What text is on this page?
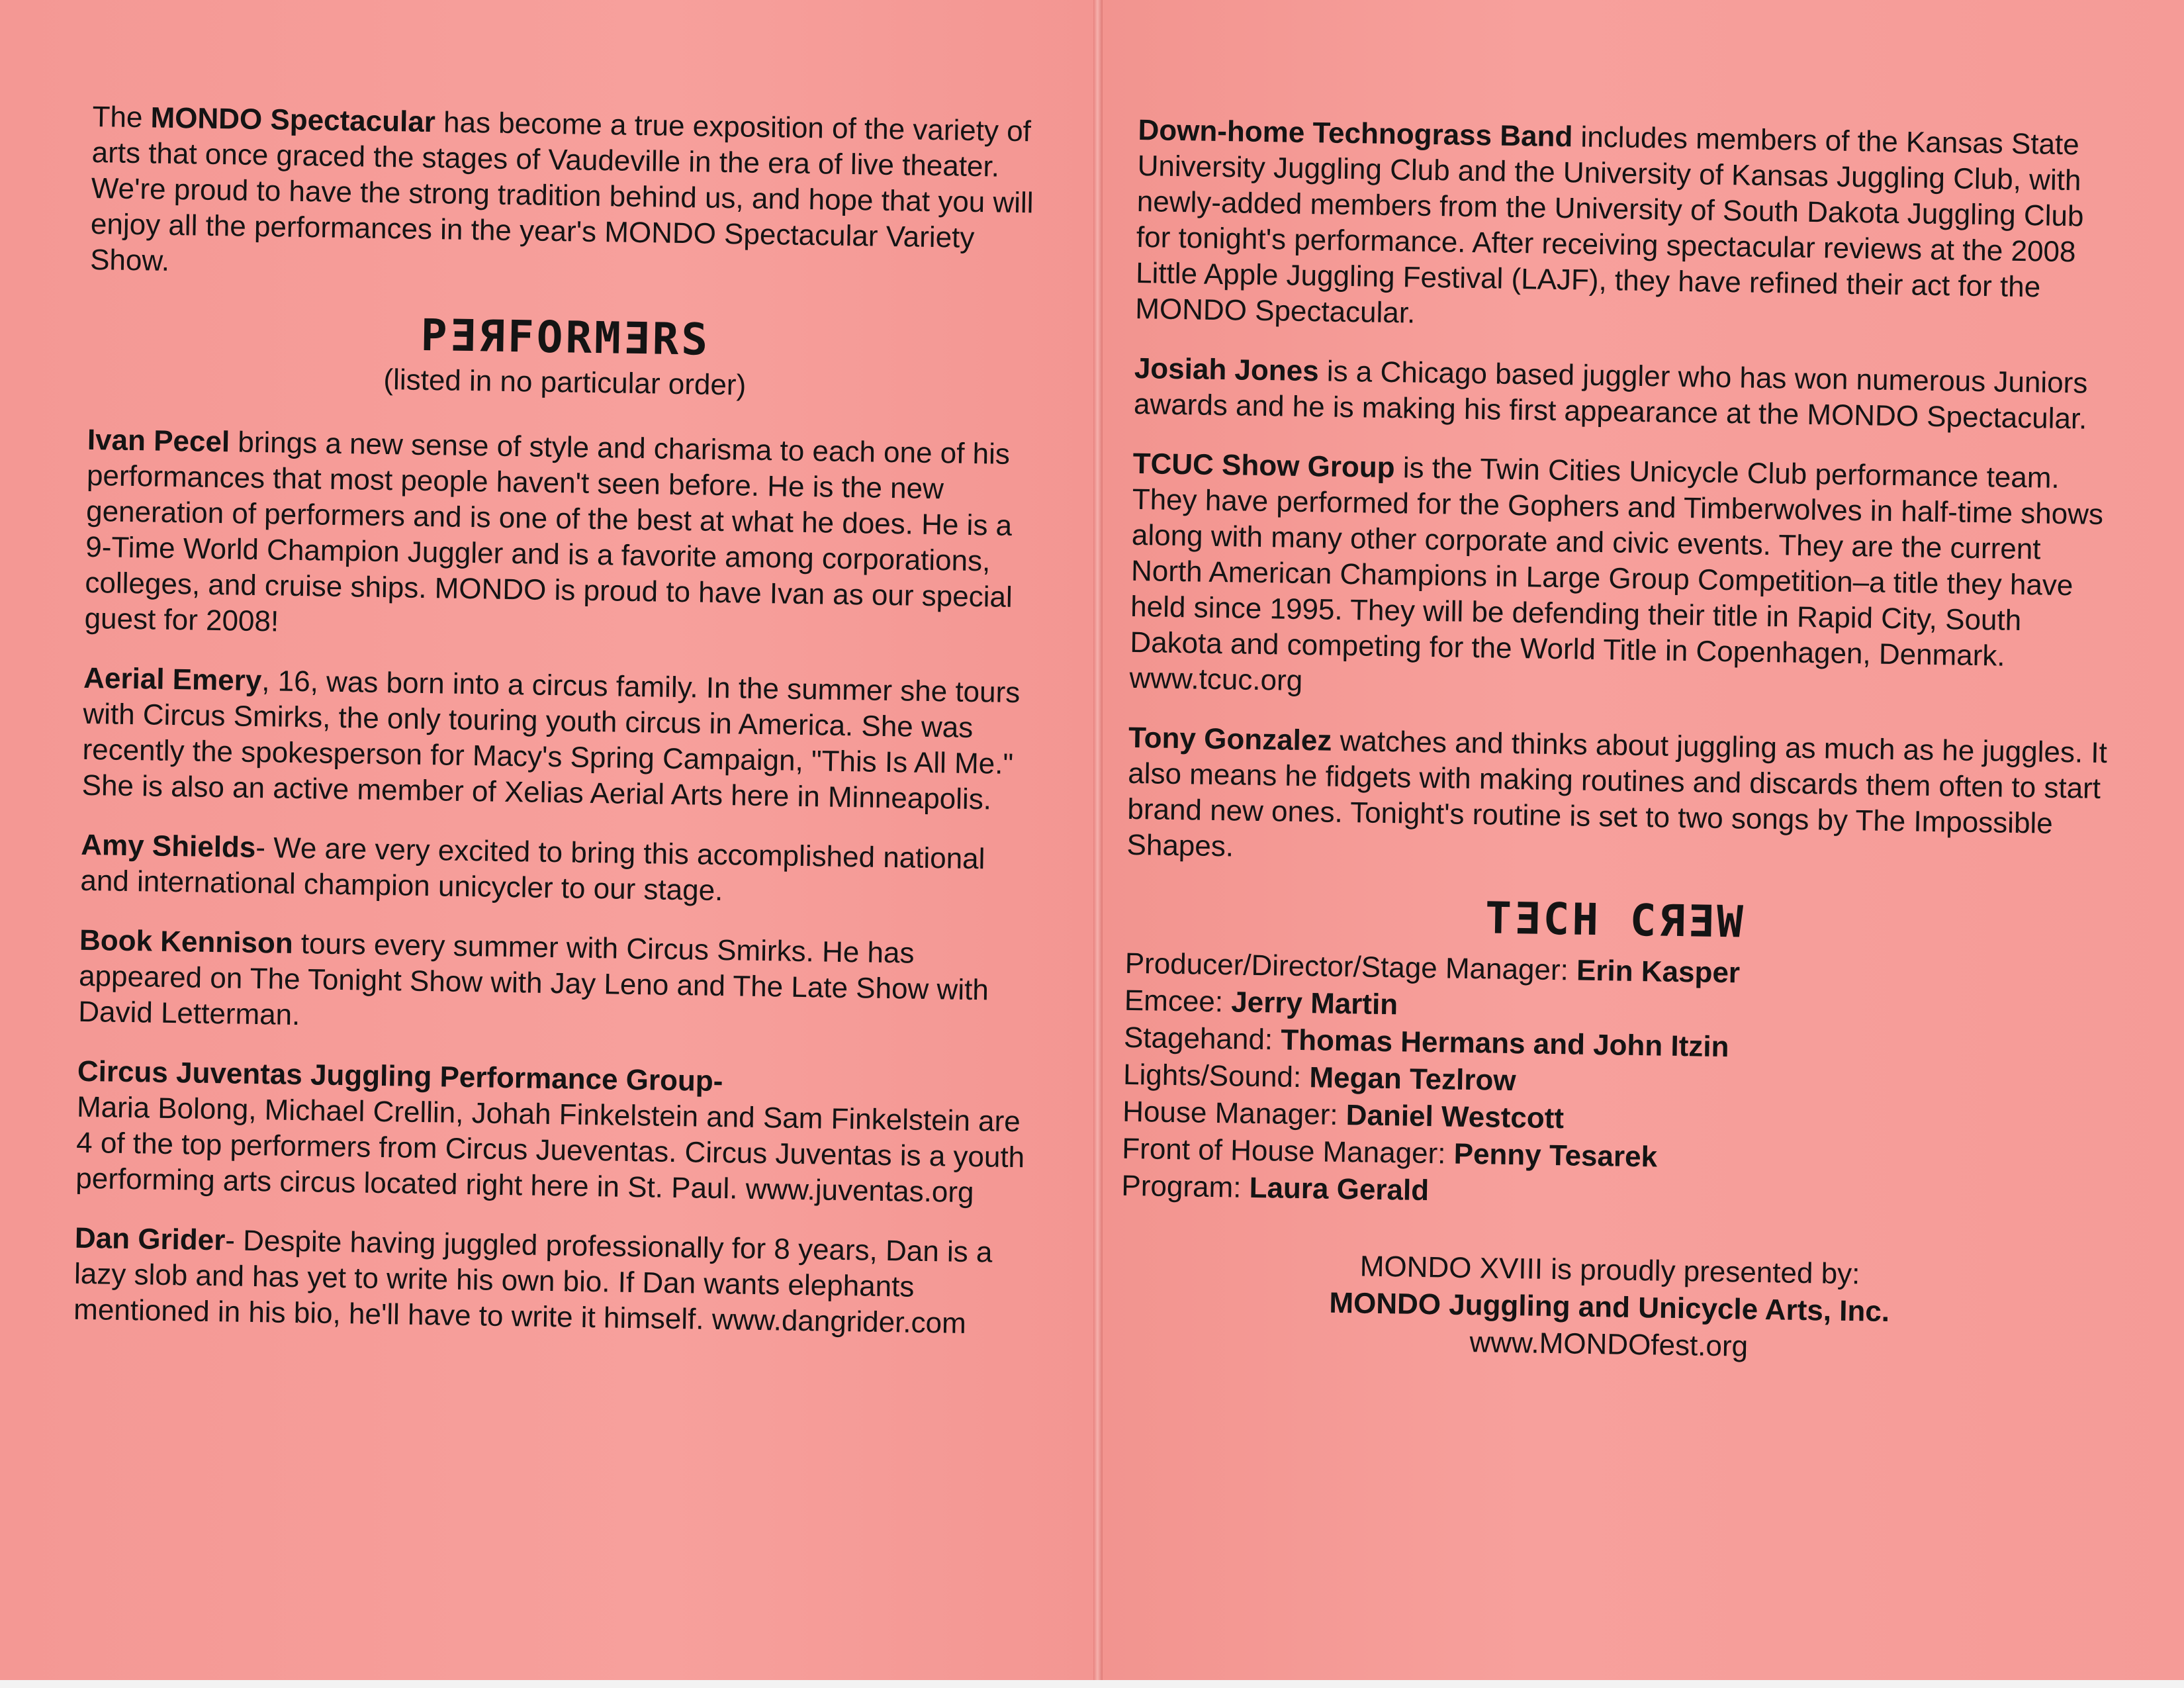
The MONDO Spectacular has become a true exposition of the variety of arts that once graced the stages of Vaudeville in the era of live theater. We're proud to have the strong tradition behind us, and hope that you will enjoy all the performances in the year's MONDO Spectacular Variety Show.

PƎЯFORMƎRS
(listed in no particular order)

Ivan Pecel brings a new sense of style and charisma to each one of his performances that most people haven't seen before. He is the new generation of performers and is one of the best at what he does. He is a 9-Time World Champion Juggler and is a favorite among corporations, colleges, and cruise ships. MONDO is proud to have Ivan as our special guest for 2008!

Aerial Emery, 16, was born into a circus family. In the summer she tours with Circus Smirks, the only touring youth circus in America. She was recently the spokesperson for Macy's Spring Campaign, "This Is All Me." She is also an active member of Xelias Aerial Arts here in Minneapolis.

Amy Shields- We are very excited to bring this accomplished national and international champion unicycler to our stage.

Book Kennison tours every summer with Circus Smirks. He has appeared on The Tonight Show with Jay Leno and The Late Show with David Letterman.

Circus Juventas Juggling Performance Group-
Maria Bolong, Michael Crellin, Johah Finkelstein and Sam Finkelstein are 4 of the top performers from Circus Jueventas. Circus Juventas is a youth performing arts circus located right here in St. Paul. www.juventas.org

Dan Grider- Despite having juggled professionally for 8 years, Dan is a lazy slob and has yet to write his own bio. If Dan wants elephants mentioned in his bio, he'll have to write it himself. www.dangrider.com

Down-home Technograss Band includes members of the Kansas State University Juggling Club and the University of Kansas Juggling Club, with newly-added members from the University of South Dakota Juggling Club for tonight's performance. After receiving spectacular reviews at the 2008 Little Apple Juggling Festival (LAJF), they have refined their act for the MONDO Spectacular.

Josiah Jones is a Chicago based juggler who has won numerous Juniors awards and he is making his first appearance at the MONDO Spectacular.

TCUC Show Group is the Twin Cities Unicycle Club performance team. They have performed for the Gophers and Timberwolves in half-time shows along with many other corporate and civic events. They are the current North American Champions in Large Group Competition–a title they have held since 1995. They will be defending their title in Rapid City, South Dakota and competing for the World Title in Copenhagen, Denmark. www.tcuc.org

Tony Gonzalez watches and thinks about juggling as much as he juggles. It also means he fidgets with making routines and discards them often to start brand new ones. Tonight's routine is set to two songs by The Impossible Shapes.

TƎCH CЯƎW
Producer/Director/Stage Manager: Erin Kasper
Emcee: Jerry Martin
Stagehand: Thomas Hermans and John Itzin
Lights/Sound: Megan Tezlrow
House Manager: Daniel Westcott
Front of House Manager: Penny Tesarek
Program: Laura Gerald
MONDO XVIII is proudly presented by:
MONDO Juggling and Unicycle Arts, Inc.
www.MONDOfest.org
